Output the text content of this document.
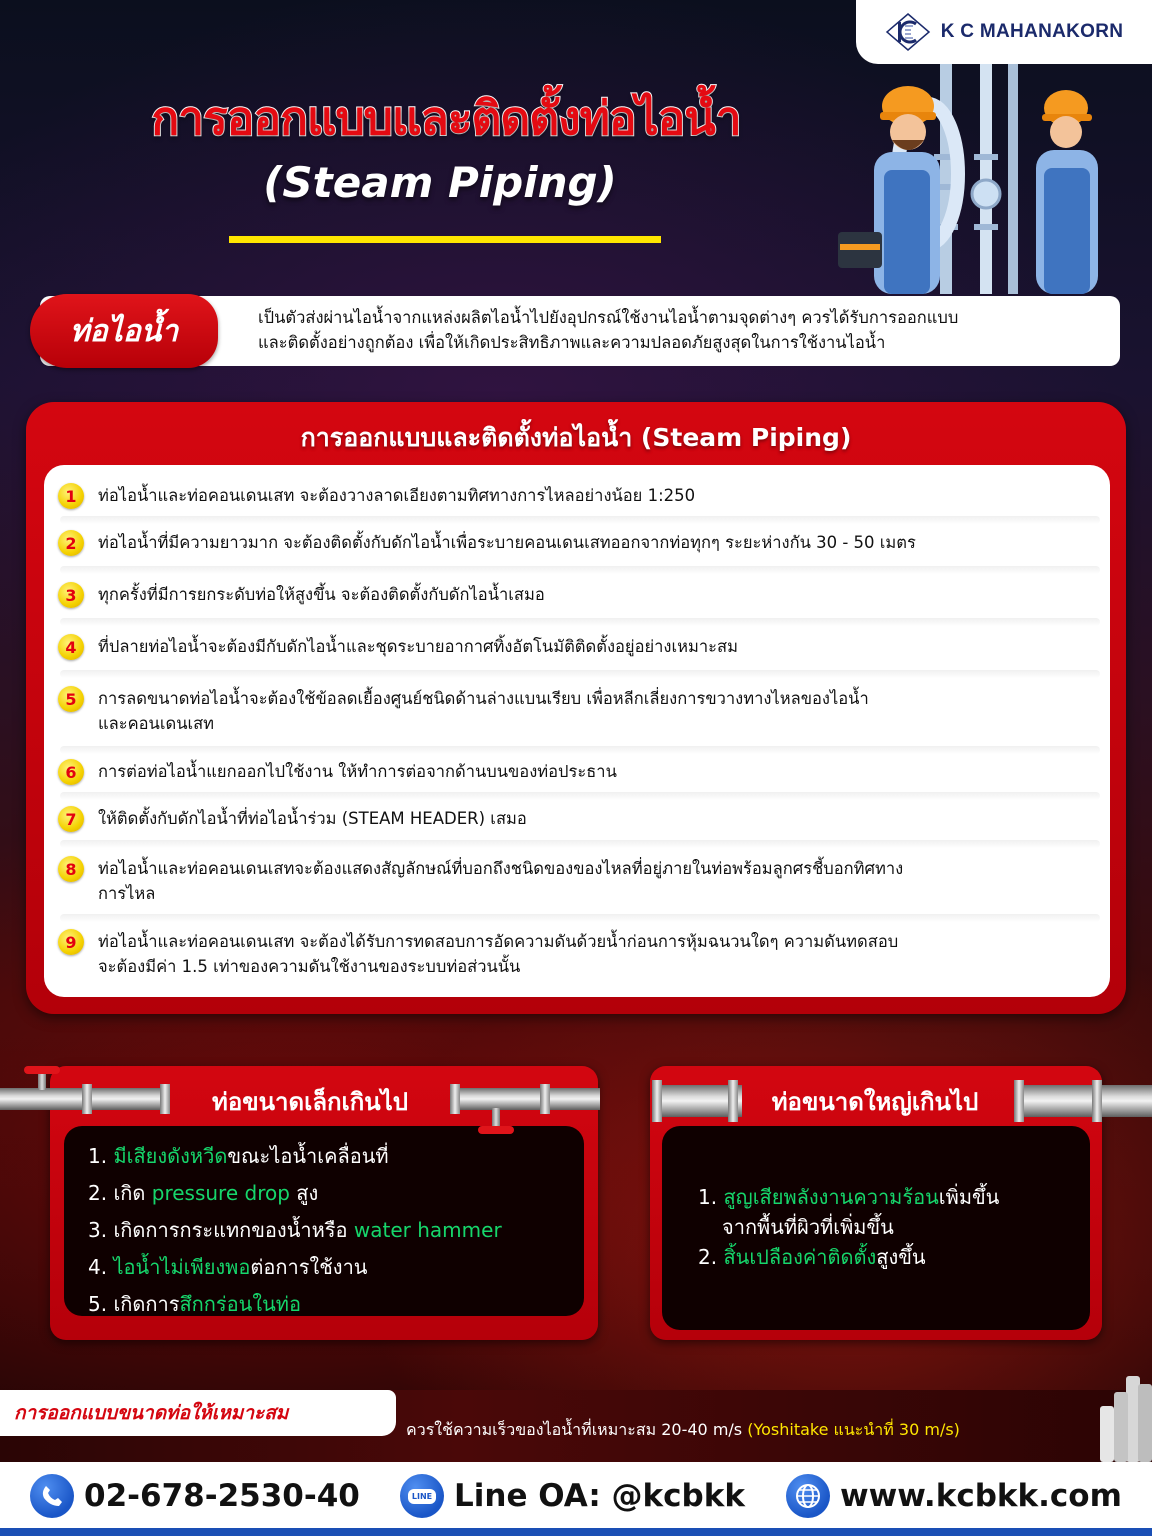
K C MAHANAKORN
การออกแบบและติดตั้งท่อไอน้ำ
(Steam Piping)
ท่อไอน้ำ	เป็นตัวส่งผ่านไอน้ำจากแหล่งผลิตไอน้ำไปยังอุปกรณ์ใช้งานไอน้ำตามจุดต่างๆ ควรได้รับการออกแบบ
และติดตั้งอย่างถูกต้อง เพื่อให้เกิดประสิทธิภาพและความปลอดภัยสูงสุดในการใช้งานไอน้ำ
การออกแบบและติดตั้งท่อไอน้ำ (Steam Piping)
1	ท่อไอน้ำและท่อคอนเดนเสท จะต้องวางลาดเอียงตามทิศทางการไหลอย่างน้อย 1:250
2	ท่อไอน้ำที่มีความยาวมาก จะต้องติดตั้งกับดักไอน้ำเพื่อระบายคอนเดนเสทออกจากท่อทุกๆ ระยะห่างกัน 30 - 50 เมตร
3	ทุกครั้งที่มีการยกระดับท่อให้สูงขึ้น จะต้องติดตั้งกับดักไอน้ำเสมอ
4	ที่ปลายท่อไอน้ำจะต้องมีกับดักไอน้ำและชุดระบายอากาศทิ้งอัตโนมัติติดตั้งอยู่อย่างเหมาะสม
5	การลดขนาดท่อไอน้ำจะต้องใช้ข้อลดเยื้องศูนย์ชนิดด้านล่างแบนเรียบ เพื่อหลีกเลี่ยงการขวางทางไหลของไอน้ำ
และคอนเดนเสท
6	การต่อท่อไอน้ำแยกออกไปใช้งาน ให้ทำการต่อจากด้านบนของท่อประธาน
7	ให้ติดตั้งกับดักไอน้ำที่ท่อไอน้ำร่วม (STEAM HEADER) เสมอ
8	ท่อไอน้ำและท่อคอนเดนเสทจะต้องแสดงสัญลักษณ์ที่บอกถึงชนิดของของไหลที่อยู่ภายในท่อพร้อมลูกศรชี้บอกทิศทาง
การไหล
9	ท่อไอน้ำและท่อคอนเดนเสท จะต้องได้รับการทดสอบการอัดความดันด้วยน้ำก่อนการหุ้มฉนวนใดๆ ความดันทดสอบ
จะต้องมีค่า 1.5 เท่าของความดันใช้งานของระบบท่อส่วนนั้น
ท่อขนาดเล็กเกินไป
1. มีเสียงดังหวีดขณะไอน้ำเคลื่อนที่
2. เกิด pressure drop สูง
3. เกิดการกระแทกของน้ำหรือ water hammer
4. ไอน้ำไม่เพียงพอต่อการใช้งาน
5. เกิดการสึกกร่อนในท่อ
ท่อขนาดใหญ่เกินไป
1. สูญเสียพลังงานความร้อนเพิ่มขึ้น
จากพื้นที่ผิวที่เพิ่มขึ้น
2. สิ้นเปลืองค่าติดตั้งสูงขึ้น
การออกแบบขนาดท่อให้เหมาะสม
ควรใช้ความเร็วของไอน้ำที่เหมาะสม 20-40 m/s (Yoshitake แนะนำที่ 30 m/s)
02-678-2530-40	LINE Line OA: @kcbkk	www.kcbkk.com
